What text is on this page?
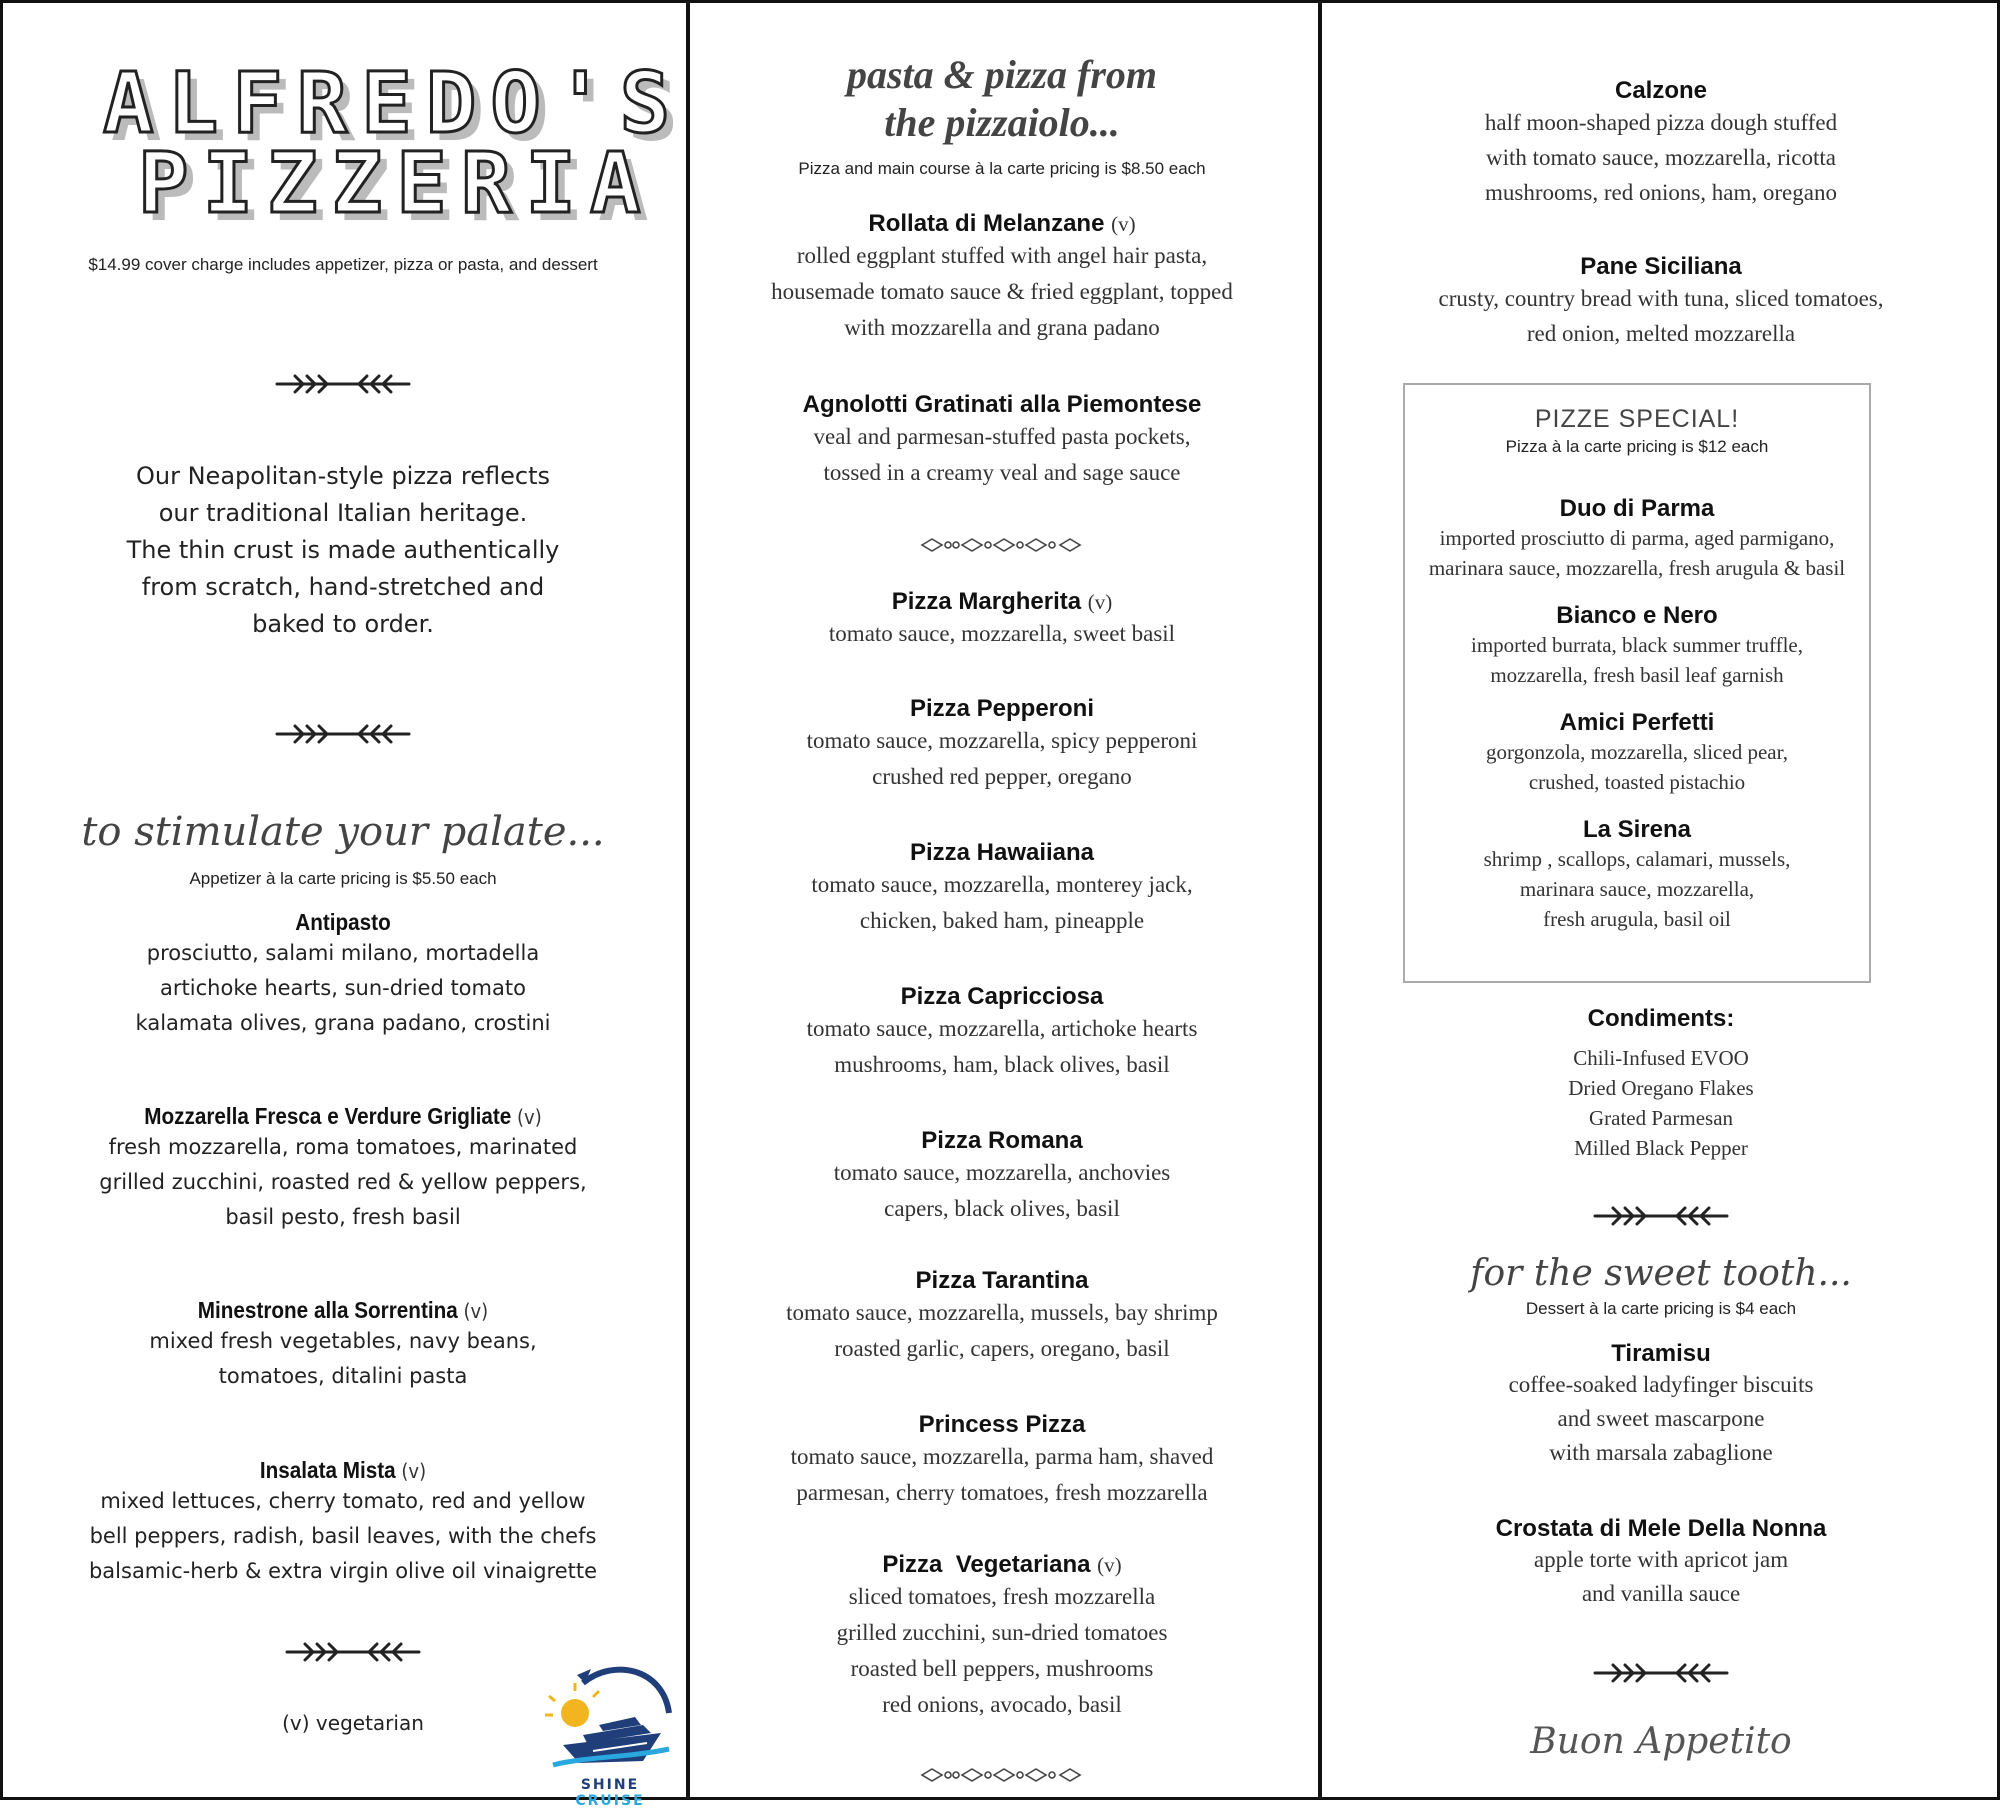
ALFREDO'S
PIZZERIA
$14.99 cover charge includes appetizer, pizza or pasta, and dessert
Our Neapolitan-style pizza reflects
our traditional Italian heritage.
The thin crust is made authentically
from scratch, hand-stretched and
baked to order.
to stimulate your palate...
Appetizer à la carte pricing is $5.50 each
Antipasto
prosciutto, salami milano, mortadella
artichoke hearts, sun-dried tomato
kalamata olives, grana padano, crostini
Mozzarella Fresca e Verdure Grigliate (v)
fresh mozzarella, roma tomatoes, marinated
grilled zucchini, roasted red & yellow peppers,
basil pesto, fresh basil
Minestrone alla Sorrentina (v)
mixed fresh vegetables, navy beans,
tomatoes, ditalini pasta
Insalata Mista (v)
mixed lettuces, cherry tomato, red and yellow
bell peppers, radish, basil leaves, with the chefs
balsamic-herb & extra virgin olive oil vinaigrette
(v) vegetarian
SHINE CRUISE
pasta & pizza from
the pizzaiolo...
Pizza and main course à la carte pricing is $8.50 each
Rollata di Melanzane (v)
rolled eggplant stuffed with angel hair pasta,
housemade tomato sauce & fried eggplant, topped
with mozzarella and grana padano
Agnolotti Gratinati alla Piemontese
veal and parmesan-stuffed pasta pockets,
tossed in a creamy veal and sage sauce
Pizza Margherita (v)
tomato sauce, mozzarella, sweet basil
Pizza Pepperoni
tomato sauce, mozzarella, spicy pepperoni
crushed red pepper, oregano
Pizza Hawaiiana
tomato sauce, mozzarella, monterey jack,
chicken, baked ham, pineapple
Pizza Capricciosa
tomato sauce, mozzarella, artichoke hearts
mushrooms, ham, black olives, basil
Pizza Romana
tomato sauce, mozzarella, anchovies
capers, black olives, basil
Pizza Tarantina
tomato sauce, mozzarella, mussels, bay shrimp
roasted garlic, capers, oregano, basil
Princess Pizza
tomato sauce, mozzarella, parma ham, shaved
parmesan, cherry tomatoes, fresh mozzarella
Pizza  Vegetariana (v)
sliced tomatoes, fresh mozzarella
grilled zucchini, sun-dried tomatoes
roasted bell peppers, mushrooms
red onions, avocado, basil
Calzone
half moon-shaped pizza dough stuffed
with tomato sauce, mozzarella, ricotta
mushrooms, red onions, ham, oregano
Pane Siciliana
crusty, country bread with tuna, sliced tomatoes,
red onion, melted mozzarella
PIZZE SPECIAL!
Pizza à la carte pricing is $12 each
Duo di Parma
imported prosciutto di parma, aged parmigano,
marinara sauce, mozzarella, fresh arugula & basil
Bianco e Nero
imported burrata, black summer truffle,
mozzarella, fresh basil leaf garnish
Amici Perfetti
gorgonzola, mozzarella, sliced pear,
crushed, toasted pistachio
La Sirena
shrimp , scallops, calamari, mussels,
marinara sauce, mozzarella,
fresh arugula, basil oil
Condiments:
Chili-Infused EVOO
Dried Oregano Flakes
Grated Parmesan
Milled Black Pepper
for the sweet tooth...
Dessert à la carte pricing is $4 each
Tiramisu
coffee-soaked ladyfinger biscuits
and sweet mascarpone
with marsala zabaglione
Crostata di Mele Della Nonna
apple torte with apricot jam
and vanilla sauce
Buon Appetito
